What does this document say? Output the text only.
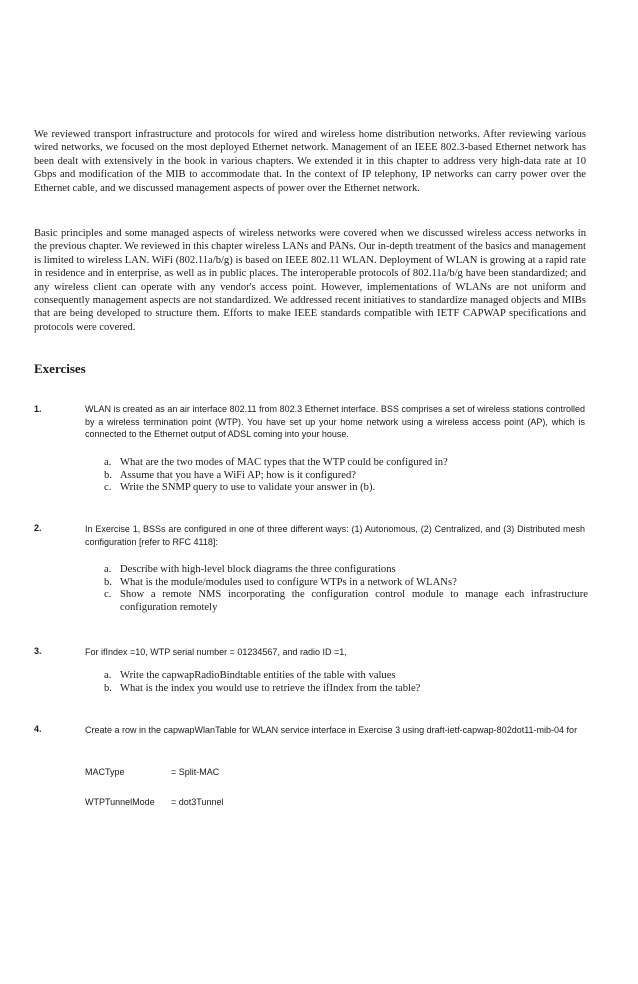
We reviewed transport infrastructure and protocols for wired and wireless home distribution networks. After reviewing various wired networks, we focused on the most deployed Ethernet network. Management of an IEEE 802.3-based Ethernet network has been dealt with extensively in the book in various chapters. We extended it in this chapter to address very high-data rate at 10 Gbps and modification of the MIB to accommodate that. In the context of IP telephony, IP networks can carry power over the Ethernet cable, and we discussed management aspects of power over the Ethernet network.

Basic principles and some managed aspects of wireless networks were covered when we discussed wireless access networks in the previous chapter. We reviewed in this chapter wireless LANs and PANs. Our in-depth treatment of the basics and management is limited to wireless LAN. WiFi (802.11a/b/g) is based on IEEE 802.11 WLAN. Deployment of WLAN is growing at a rapid rate in residence and in enterprise, as well as in public places. The interoperable protocols of 802.11a/b/g have been standardized; and any wireless client can operate with any vendor's access point. However, implementations of WLANs are not uniform and consequently management aspects are not standardized. We addressed recent initiatives to standardize managed objects and MIBs that are being developed to structure them. Efforts to make IEEE standards compatible with IETF CAPWAP specifications and protocols were covered.

Exercises
1.	WLAN is created as an air interface 802.11 from 802.3 Ethernet interface. BSS comprises a set of wireless stations controlled by a wireless termination point (WTP). You have set up your home network using a wireless access point (AP), which is connected to the Ethernet output of ADSL coming into your house.

a. What are the two modes of MAC types that the WTP could be configured in?
b. Assume that you have a WiFi AP; how is it configured?
c. Write the SNMP query to use to validate your answer in (b).
2.	In Exercise 1, BSSs are configured in one of three different ways: (1) Autonomous, (2) Centralized, and (3) Distributed mesh configuration [refer to RFC 4118]:

a. Describe with high-level block diagrams the three configurations
b. What is the module/modules used to configure WTPs in a network of WLANs?
c. Show a remote NMS incorporating the configuration control module to manage each infrastructure configuration remotely
3.	For ifIndex =10, WTP serial number = 01234567, and radio ID =1,

a. Write the capwapRadioBindtable entities of the table with values
b. What is the index you would use to retrieve the ifIndex from the table?
4.	Create a row in the capwapWlanTable for WLAN service interface in Exercise 3 using draft-ietf-capwap-802dot11-mib-04 for

MACType	= Split-MAC
WTPTunnelMode = dot3Tunnel
